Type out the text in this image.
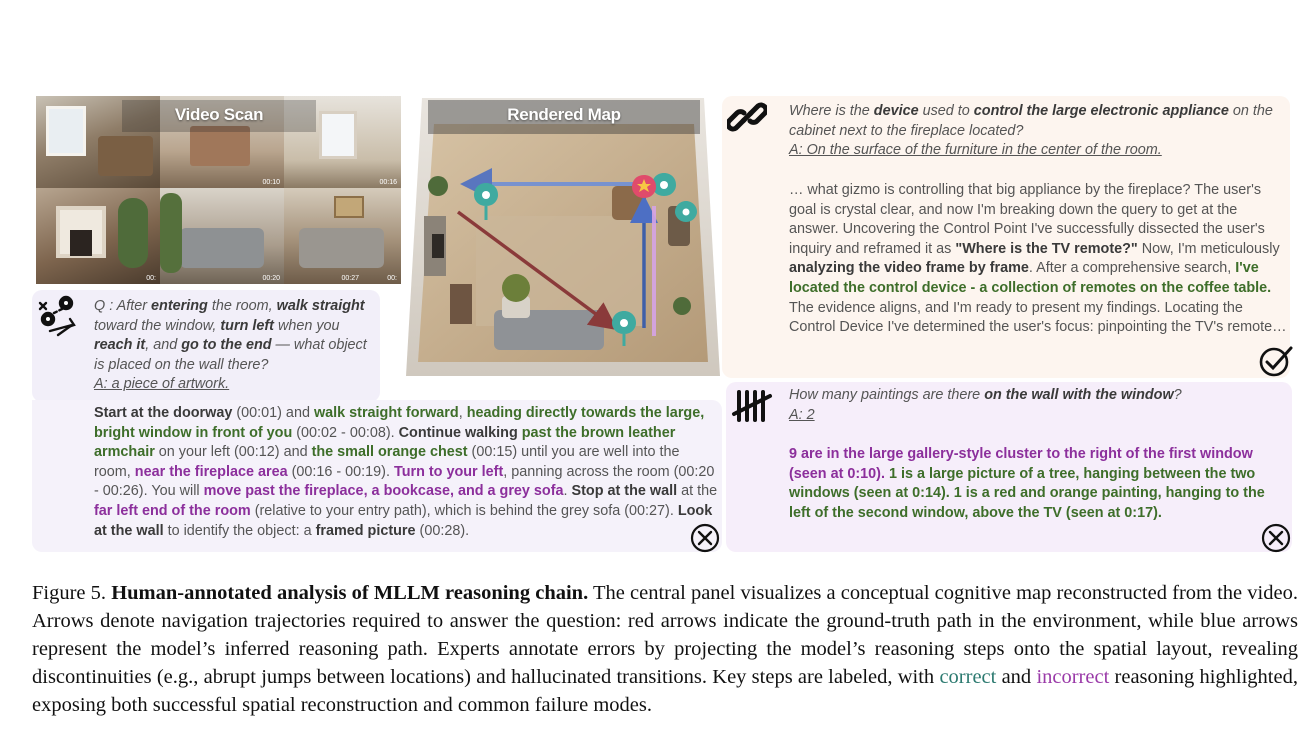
00:10	00:16
00:	00:20	00:27	00:
Video Scan	Rendered Map
Q : After entering the room, walk straight toward the window, turn left when you reach it, and go to the end — what object is placed on the wall there?
A: a piece of artwork.
Start at the doorway (00:01) and walk straight forward, heading directly towards the large, bright window in front of you (00:02 - 00:08). Continue walking past the brown leather armchair on your left (00:12) and the small orange chest (00:15) until you are well into the room, near the fireplace area (00:16 - 00:19). Turn to your left, panning across the room (00:20 - 00:26). You will move past the fireplace, a bookcase, and a grey sofa. Stop at the wall at the far left end of the room (relative to your entry path), which is behind the grey sofa (00:27). Look at the wall to identify the object: a framed picture (00:28).
Where is the device used to control the large electronic appliance on the cabinet next to the fireplace located?
A: On the surface of the furniture in the center of the room.
… what gizmo is controlling that big appliance by the fireplace? The user's goal is crystal clear, and now I'm breaking down the query to get at the answer. Uncovering the Control Point I've successfully dissected the user's inquiry and reframed it as "Where is the TV remote?" Now, I'm meticulously analyzing the video frame by frame. After a comprehensive search, I've located the control device - a collection of remotes on the coffee table. The evidence aligns, and I'm ready to present my findings. Locating the Control Device I've determined the user's focus: pinpointing the TV's remote…
How many paintings are there on the wall with the window?
A: 2
9 are in the large gallery-style cluster to the right of the first window (seen at 0:10). 1 is a large picture of a tree, hanging between the two windows (seen at 0:14). 1 is a red and orange painting, hanging to the left of the second window, above the TV (seen at 0:17).
Figure 5. Human-annotated analysis of MLLM reasoning chain. The central panel visualizes a conceptual cognitive map reconstructed from the video. Arrows denote navigation trajectories required to answer the question: red arrows indicate the ground-truth path in the environment, while blue arrows represent the model’s inferred reasoning path. Experts annotate errors by projecting the model’s reasoning steps onto the spatial layout, revealing discontinuities (e.g., abrupt jumps between locations) and hallucinated transitions. Key steps are labeled, with correct and incorrect reasoning highlighted, exposing both successful spatial reconstruction and common failure modes.
